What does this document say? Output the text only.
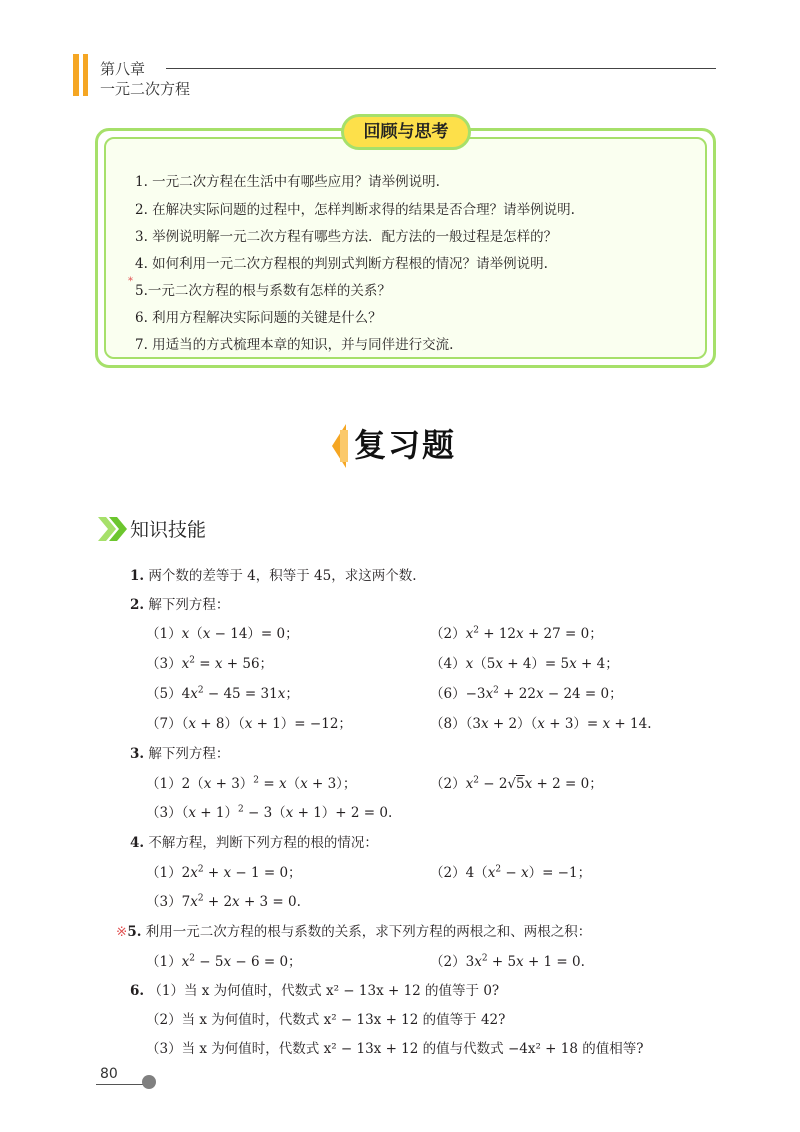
第八章
一元二次方程
回顾与思考
1. 一元二次方程在生活中有哪些应用？请举例说明.
2. 在解决实际问题的过程中，怎样判断求得的结果是否合理？请举例说明.
3. 举例说明解一元二次方程有哪些方法．配方法的一般过程是怎样的？
4. 如何利用一元二次方程根的判别式判断方程根的情况？请举例说明.
*
5.一元二次方程的根与系数有怎样的关系？
6. 利用方程解决实际问题的关键是什么？
7. 用适当的方式梳理本章的知识，并与同伴进行交流.
复习题
知识技能
1. 两个数的差等于 4，积等于 45，求这两个数.
2. 解下列方程：
（1）x（x − 14）= 0；	$(2)x^2 + 12x + 27 = 0$；
$(3)x^2 = x + 56$；	（4）x（5x + 4）= 5x + 4；
$(5)4x^2 - 45 = 31x$；	$(6)-3x^2 + 22x - 24 = 0$；
（7）（x + 8）（x + 1）= −12；	（8）（3x + 2）（x + 3）= x + 14.
3. 解下列方程：
$(1)2(x + 3)^2 = x(x + 3)$；	$(2)x^2 - 2√5x + 2 = 0$；
$(3)(x + 1)^2 - 3(x + 1)+ 2 = 0$.
4. 不解方程，判断下列方程的根的情况：
$(1)2x^2 + x - 1 = 0$；	$(2)4(x^2 - x)= -1$；
$(3)7x^2 + 2x + 3 = 0$.
※5. 利用一元二次方程的根与系数的关系，求下列方程的两根之和、两根之积：
$(1)x^2 - 5x - 6 = 0$；	$(2)3x^2 + 5x + 1 = 0$.
6. （1）当 x 为何值时，代数式 x² − 13x + 12 的值等于 0?
（2）当 x 为何值时，代数式 x² − 13x + 12 的值等于 42?
（3）当 x 为何值时，代数式 x² − 13x + 12 的值与代数式 −4x² + 18 的值相等?
80
